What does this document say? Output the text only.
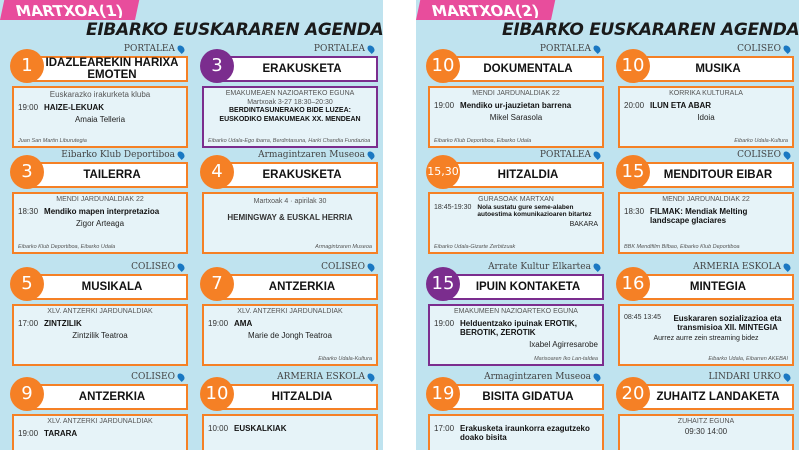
MARTXOA(1)
EIBARKO EUSKARAREN AGENDA
PORTALEA
1	IDAZLEAREKIN HARIXA EMOTEN
Euskarazko irakurketa kluba
19:00 HAIZE-LEKUAK
Amaia Telleria
Juan San Martin Liburutegia
PORTALEA
3	ERAKUSKETA
EMAKUMEAEN NAZIOARTEKO EGUNA
Martxoak 3-27 18:30–20:30
BERDINTASUNERAKO BIDE LUZEA: EUSKODIKO EMAKUMEAK XX. MENDEAN
Eibarko Udala-Ego ibarra, Berdintasuna, Harki Chandia Fundazioa
Eibarko Klub Deportiboa
3	TAILERRA
MENDI JARDUNALDIAK 22
18:30 Mendiko mapen interpretazioa
Zigor Arteaga
Eibarko Klub Deportiboa, Eibarko Udala
Armagintzaren Museoa
4	ERAKUSKETA
Martxoak 4 · apirilak 30
HEMINGWAY & EUSKAL HERRIA
Armagintzaren Museoa
COLISEO
5	MUSIKALA
XLV. ANTZERKI JARDUNALDIAK
17:00 ZINTZILIK
Zintzilik Teatroa
COLISEO
7	ANTZERKIA
XLV. ANTZERKI JARDUNALDIAK
19:00 AMA
Marie de Jongh Teatroa
Eibarko Udala-Kultura
COLISEO
9	ANTZERKIA
XLV. ANTZERKI JARDUNALDIAK
19:00 TARARA
ARMERIA ESKOLA
10	HITZALDIA
10:00 EUSKALKIAK
MARTXOA(2)
EIBARKO EUSKARAREN AGENDA
PORTALEA
10	DOKUMENTALA
MENDI JARDUNALDIAK 22
19:00 Mendiko ur-jauzietan barrena
Mikel Sarasola
Eibarko Klub Deportiboa, Eibarko Udala
COLISEO
10	MUSIKA
KORRIKA KULTURALA
20:00 ILUN ETA ABAR
Idoia
Eibarko Udala-Kultura
PORTALEA
15,30	HITZALDIA
GURASOAK MARTXAN
18:45-19:30 Nola sustatu gure seme-alaben autoestima komunikazioaren bitartez
BAKARA
Eibarko Udala-Gizarte Zerbitzuak
COLISEO
15	MENDITOUR EIBAR
MENDI JARDUNALDIAK 22
18:30 FILMAK: Mendiak Melting landscape glaciares
BBK Mendifilm Bilbao, Eibarko Klub Deportiboa
Arrate Kultur Elkartea
15	IPUIN KONTAKETA
EMAKUMEEN NAZIOARTEKO EGUNA
19:00 Helduentzako ipuinak EROTIK, BEROTIK, ZEROTIK
Ixabel Agirresarobe
Marisoaren Iko Lan-taldea
ARMERIA ESKOLA
16	MINTEGIA
08:45 13:45	Euskararen sozializazioa eta transmisioa XII. MINTEGIA
Aurrez aurre zein streaming bidez
Eibarko Udala, Eibarren AKEBAI
Armagintzaren Museoa
19	BISITA GIDATUA
17:00 Erakusketa iraunkorra ezagutzeko doako bisita
LINDARI URKO
20	ZUHAITZ LANDAKETA
ZUHAITZ EGUNA
09:30 14:00
